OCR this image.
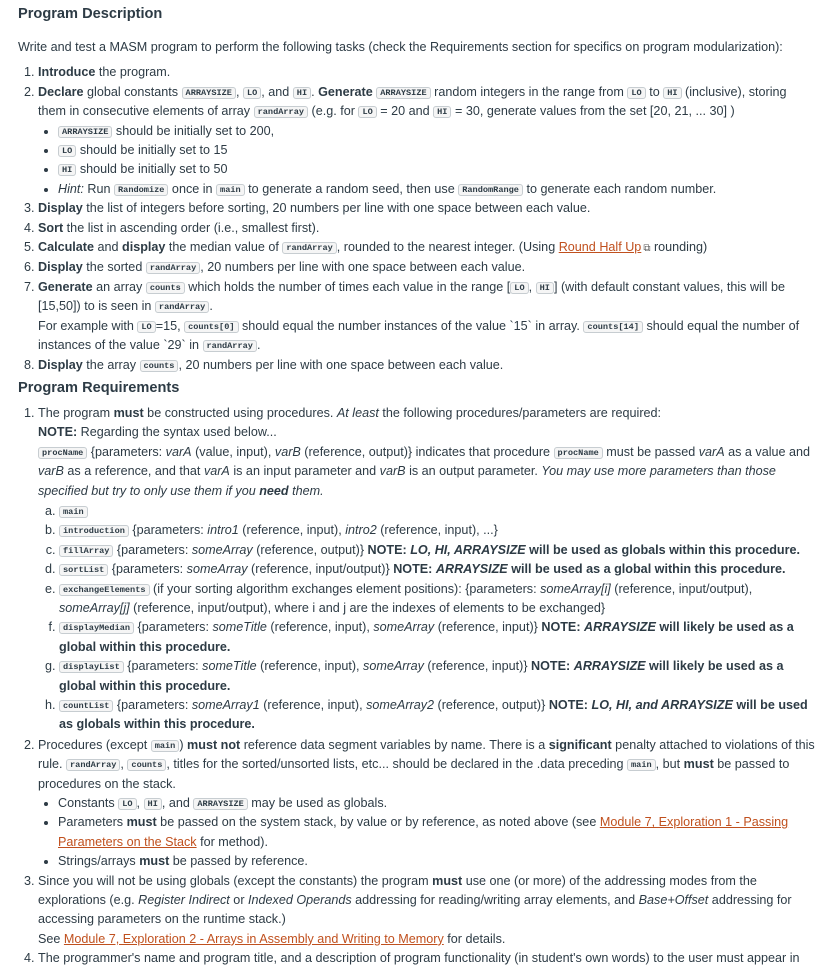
Program Description

Write and test a MASM program to perform the following tasks (check the Requirements section for specifics on program modularization):

1. Introduce the program.
2. Declare global constants ARRAYSIZE , LO , and HI . Generate ARRAYSIZE random integers in the range from LO to HI (inclusive), storing them in consecutive elements of array randArray (e.g. for LO = 20 and HI = 30, generate values from the set [20, 21, ... 30] )
• ARRAYSIZE should be initially set to 200,
• LO should be initially set to 15
• HI should be initially set to 50
• Hint: Run Randomize once in main to generate a random seed, then use RandomRange to generate each random number.
3. Display the list of integers before sorting, 20 numbers per line with one space between each value.
4. Sort the list in ascending order (i.e., smallest first).
5. Calculate and display the median value of randArray , rounded to the nearest integer. (Using Round Half Up ⧉ rounding)
6. Display the sorted randArray , 20 numbers per line with one space between each value.
7. Generate an array counts which holds the number of times each value in the range [ LO , HI ] (with default constant values, this will be [15,50]) to is seen in randArray .
For example with LO =15, counts[0] should equal the number instances of the value `15` in array. counts[14] should equal the number of instances of the value `29` in randArray .
8. Display the array counts , 20 numbers per line with one space between each value.
Program Requirements
1. The program must be constructed using procedures. At least the following procedures/parameters are required:
NOTE: Regarding the syntax used below...
procName {parameters: varA (value, input), varB (reference, output)} indicates that procedure procName must be passed varA as a value and varB as a reference, and that varA is an input parameter and varB is an output parameter. You may use more parameters than those specified but try to only use them if you need them.
a. main
b. introduction {parameters: intro1 (reference, input), intro2 (reference, input), ...}
c. fillArray {parameters: someArray (reference, output)} NOTE: LO, HI, ARRAYSIZE will be used as globals within this procedure.
d. sortList {parameters: someArray (reference, input/output)} NOTE: ARRAYSIZE will be used as a global within this procedure.
e. exchangeElements (if your sorting algorithm exchanges element positions): {parameters: someArray[i] (reference, input/output), someArray[j] (reference, input/output), where i and j are the indexes of elements to be exchanged}
f. displayMedian {parameters: someTitle (reference, input), someArray (reference, input)} NOTE: ARRAYSIZE will likely be used as a global within this procedure.
g. displayList {parameters: someTitle (reference, input), someArray (reference, input)} NOTE: ARRAYSIZE will likely be used as a global within this procedure.
h. countList {parameters: someArray1 (reference, input), someArray2 (reference, output)} NOTE: LO, HI, and ARRAYSIZE will be used as globals within this procedure.
2. Procedures (except main ) must not reference data segment variables by name. There is a significant penalty attached to violations of this rule. randArray , counts , titles for the sorted/unsorted lists, etc... should be declared in the .data preceding main , but must be passed to procedures on the stack.
• Constants LO , HI , and ARRAYSIZE may be used as globals.
• Parameters must be passed on the system stack, by value or by reference, as noted above (see Module 7, Exploration 1 - Passing Parameters on the Stack for method).
• Strings/arrays must be passed by reference.
3. Since you will not be using globals (except the constants) the program must use one (or more) of the addressing modes from the explorations (e.g. Register Indirect or Indexed Operands addressing for reading/writing array elements, and Base+Offset addressing for accessing parameters on the runtime stack.)
See Module 7, Exploration 2 - Arrays in Assembly and Writing to Memory for details.
4. The programmer's name and program title, and a description of program functionality (in student's own words) to the user must appear in
